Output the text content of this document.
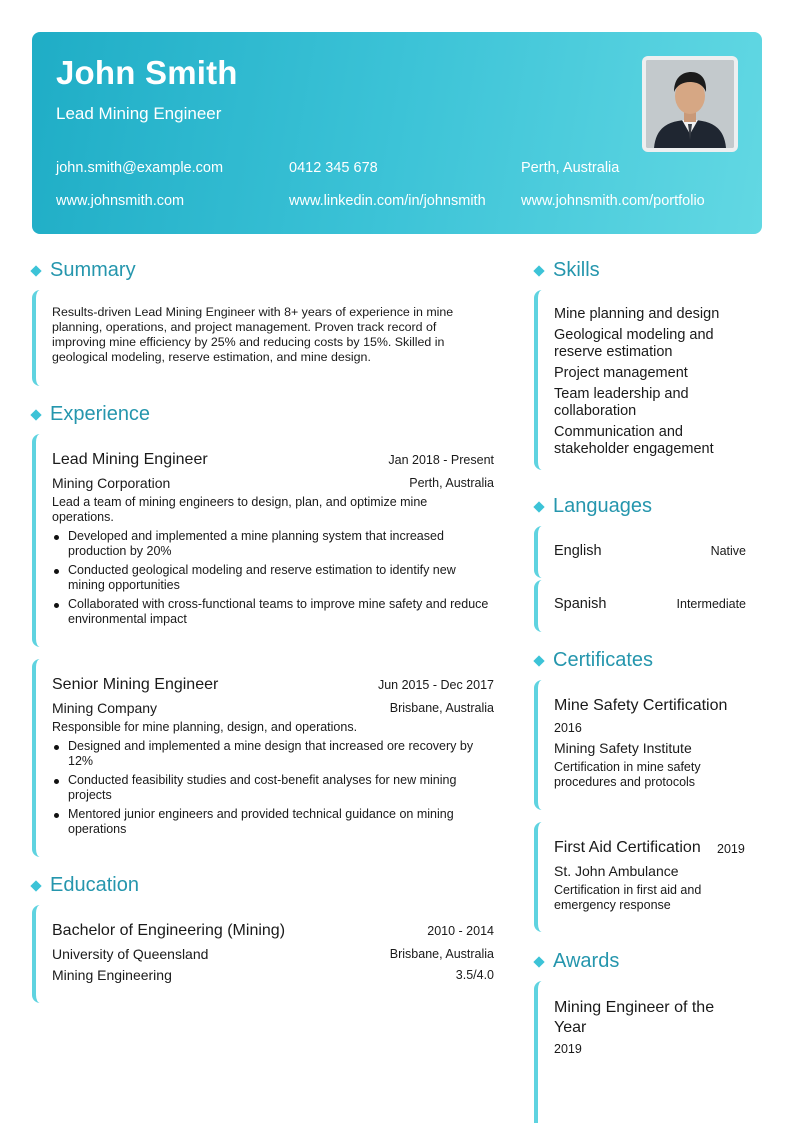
John Smith
Lead Mining Engineer
john.smith@example.com	0412 345 678	Perth, Australia
www.johnsmith.com	www.linkedin.com/in/johnsmith www.johnsmith.com/portfolio
Summary
Results-driven Lead Mining Engineer with 8+ years of experience in mine planning, operations, and project management. Proven track record of improving mine efficiency by 25% and reducing costs by 15%. Skilled in geological modeling, reserve estimation, and mine design.
Experience
Lead Mining Engineer	Jan 2018 - Present
Mining Corporation	Perth, Australia
Lead a team of mining engineers to design, plan, and optimize mine operations.
Developed and implemented a mine planning system that increased production by 20%
Conducted geological modeling and reserve estimation to identify new mining opportunities
Collaborated with cross-functional teams to improve mine safety and reduce environmental impact
Senior Mining Engineer	Jun 2015 - Dec 2017
Mining Company	Brisbane, Australia
Responsible for mine planning, design, and operations.
Designed and implemented a mine design that increased ore recovery by 12%
Conducted feasibility studies and cost-benefit analyses for new mining projects
Mentored junior engineers and provided technical guidance on mining operations
Education
Bachelor of Engineering (Mining)	2010 - 2014
University of Queensland	Brisbane, Australia
Mining Engineering	3.5/4.0
Skills
Mine planning and design
Geological modeling and reserve estimation
Project management
Team leadership and collaboration
Communication and stakeholder engagement
Languages
English	Native
Spanish	Intermediate
Certificates
Mine Safety Certification
2016
Mining Safety Institute
Certification in mine safety procedures and protocols
First Aid Certification 2019
St. John Ambulance
Certification in first aid and emergency response
Awards
Mining Engineer of the Year
2019
